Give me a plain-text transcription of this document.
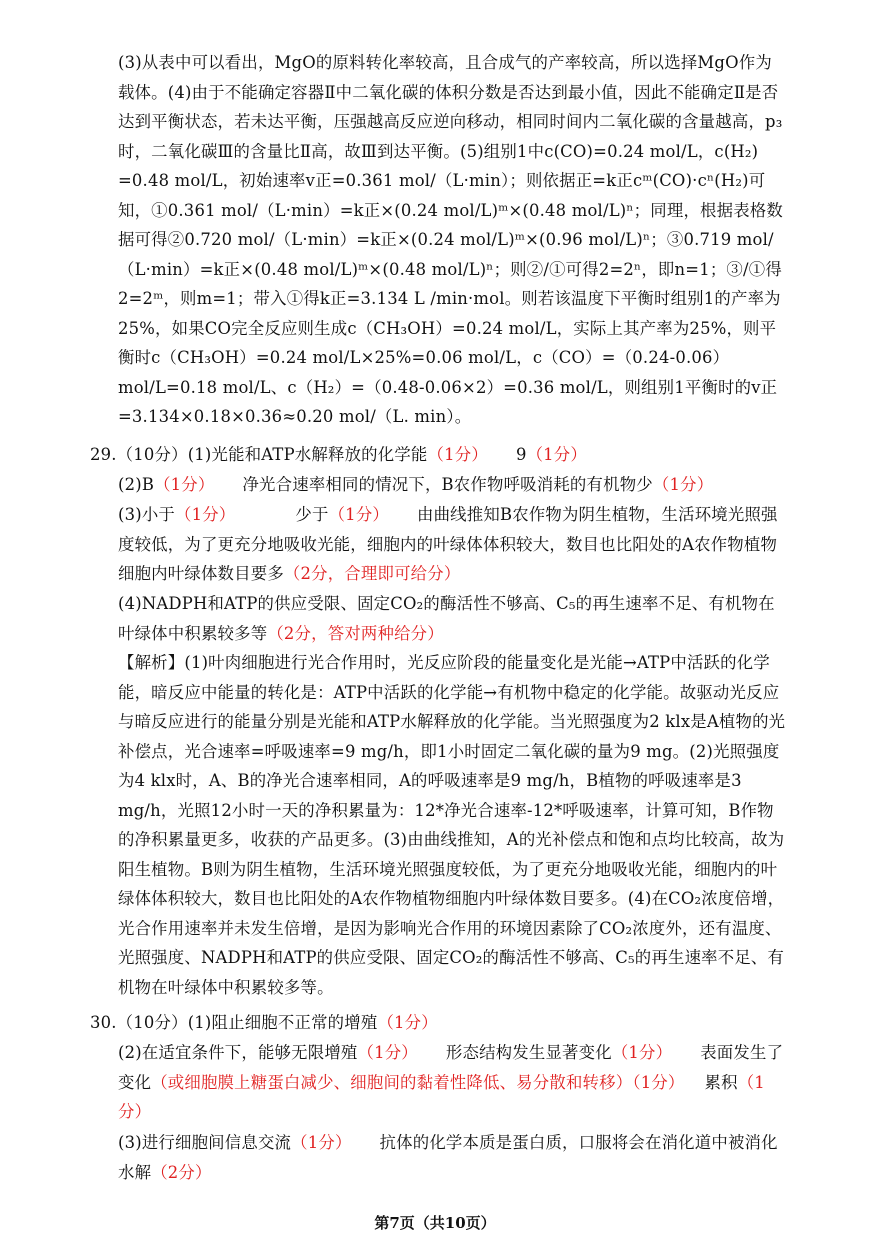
(3)从表中可以看出，MgO的原料转化率较高，且合成气的产率较高，所以选择MgO作为载体。(4)由于不能确定容器Ⅱ中二氧化碳的体积分数是否达到最小值，因此不能确定Ⅱ是否达到平衡状态，若未达平衡，压强越高反应逆向移动，相同时间内二氧化碳的含量越高，p₃时，二氧化碳Ⅲ的含量比Ⅱ高，故Ⅲ到达平衡。(5)组别1中c(CO)=0.24 mol/L，c(H₂) =0.48 mol/L，初始速率v正=0.361 mol/（L·min）；则依据正=k正cᵐ(CO)·cⁿ(H₂)可知，①0.361 mol/（L·min）=k正×(0.24 mol/L)ᵐ×(0.48 mol/L)ⁿ；同理，根据表格数据可得②0.720 mol/（L·min）=k正×(0.24 mol/L)ᵐ×(0.96 mol/L)ⁿ；③0.719 mol/（L·min）=k正×(0.48 mol/L)ᵐ×(0.48 mol/L)ⁿ；则②/①可得2=2ⁿ，即n=1；③/①得2=2ᵐ，则m=1；带入①得k正=3.134 L /min·mol。则若该温度下平衡时组别1的产率为25%，如果CO完全反应则生成c（CH₃OH）=0.24 mol/L，实际上其产率为25%，则平衡时c（CH₃OH）=0.24 mol/L×25%=0.06 mol/L，c（CO）=（0.24-0.06）mol/L=0.18 mol/L、c（H₂）=（0.48-0.06×2）=0.36 mol/L，则组别1平衡时的v正=3.134×0.18×0.36≈0.20 mol/（L. min）。
29.（10分）(1)光能和ATP水解释放的化学能（1分） 9（1分）
(2)B（1分） 净光合速率相同的情况下，B农作物呼吸消耗的有机物少（1分）
(3)小于（1分）	少于（1分） 由曲线推知B农作物为阴生植物，生活环境光照强度较低，为了更充分地吸收光能，细胞内的叶绿体体积较大，数目也比阳处的A农作物植物细胞内叶绿体数目要多（2分，合理即可给分）
(4)NADPH和ATP的供应受限、固定CO₂的酶活性不够高、C₅的再生速率不足、有机物在叶绿体中积累较多等（2分，答对两种给分）
【解析】(1)叶肉细胞进行光合作用时，光反应阶段的能量变化是光能→ATP中活跃的化学能，暗反应中能量的转化是：ATP中活跃的化学能→有机物中稳定的化学能。故驱动光反应与暗反应进行的能量分别是光能和ATP水解释放的化学能。当光照强度为2 klx是A植物的光补偿点，光合速率=呼吸速率=9 mg/h，即1小时固定二氧化碳的量为9 mg。(2)光照强度为4 klx时，A、B的净光合速率相同，A的呼吸速率是9 mg/h，B植物的呼吸速率是3 mg/h，光照12小时一天的净积累量为：12*净光合速率-12*呼吸速率，计算可知，B作物的净积累量更多，收获的产品更多。(3)由曲线推知，A的光补偿点和饱和点均比较高，故为阳生植物。B则为阴生植物，生活环境光照强度较低，为了更充分地吸收光能，细胞内的叶绿体体积较大，数目也比阳处的A农作物植物细胞内叶绿体数目要多。(4)在CO₂浓度倍增，光合作用速率并未发生倍增，是因为影响光合作用的环境因素除了CO₂浓度外，还有温度、光照强度、NADPH和ATP的供应受限、固定CO₂的酶活性不够高、C₅的再生速率不足、有机物在叶绿体中积累较多等。
30.（10分）(1)阻止细胞不正常的增殖（1分）
(2)在适宜条件下，能够无限增殖（1分） 形态结构发生显著变化（1分） 表面发生了变化（或细胞膜上糖蛋白减少、细胞间的黏着性降低、易分散和转移）（1分） 累积（1分）
(3)进行细胞间信息交流（1分） 抗体的化学本质是蛋白质，口服将会在消化道中被消化水解（2分）
第7页（共10页）
